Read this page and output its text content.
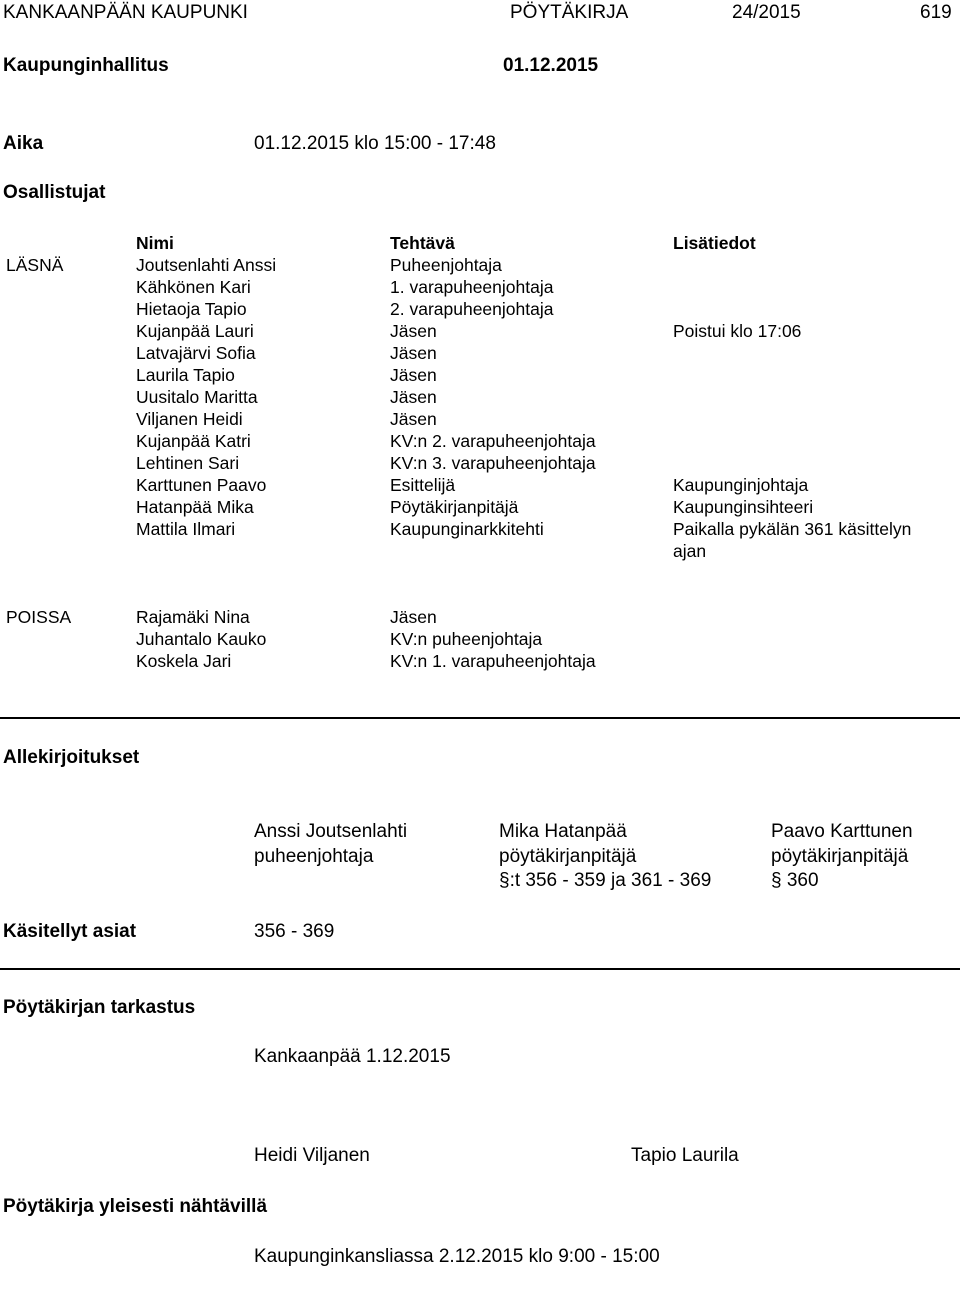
KANKAANPÄÄN KAUPUNKI	PÖYTÄKIRJA	24/2015	619
Kaupunginhallitus	01.12.2015
Aika	01.12.2015 klo 15:00 - 17:48
Osallistujat
Nimi	Tehtävä	Lisätiedot
LÄSNÄ	Joutsenlahti Anssi	Puheenjohtaja
Kähkönen Kari	1. varapuheenjohtaja
Hietaoja Tapio	2. varapuheenjohtaja
Kujanpää Lauri	Jäsen	Poistui klo 17:06
Latvajärvi Sofia	Jäsen
Laurila Tapio	Jäsen
Uusitalo Maritta	Jäsen
Viljanen Heidi	Jäsen
Kujanpää Katri	KV:n 2. varapuheenjohtaja
Lehtinen Sari	KV:n 3. varapuheenjohtaja
Karttunen Paavo	Esittelijä	Kaupunginjohtaja
Hatanpää Mika	Pöytäkirjanpitäjä	Kaupunginsihteeri
Mattila Ilmari	Kaupunginarkkitehti	Paikalla pykälän 361 käsittelyn
ajan
POISSA	Rajamäki Nina	Jäsen
Juhantalo Kauko	KV:n puheenjohtaja
Koskela Jari	KV:n 1. varapuheenjohtaja
Allekirjoitukset
Anssi Joutsenlahti
puheenjohtaja
Mika Hatanpää
pöytäkirjanpitäjä
§:t 356 - 359 ja 361 - 369
Paavo Karttunen
pöytäkirjanpitäjä
§ 360
Käsitellyt asiat	356 - 369
Pöytäkirjan tarkastus
Kankaanpää 1.12.2015
Heidi Viljanen	Tapio Laurila
Pöytäkirja yleisesti nähtävillä
Kaupunginkansliassa 2.12.2015 klo 9:00 - 15:00
